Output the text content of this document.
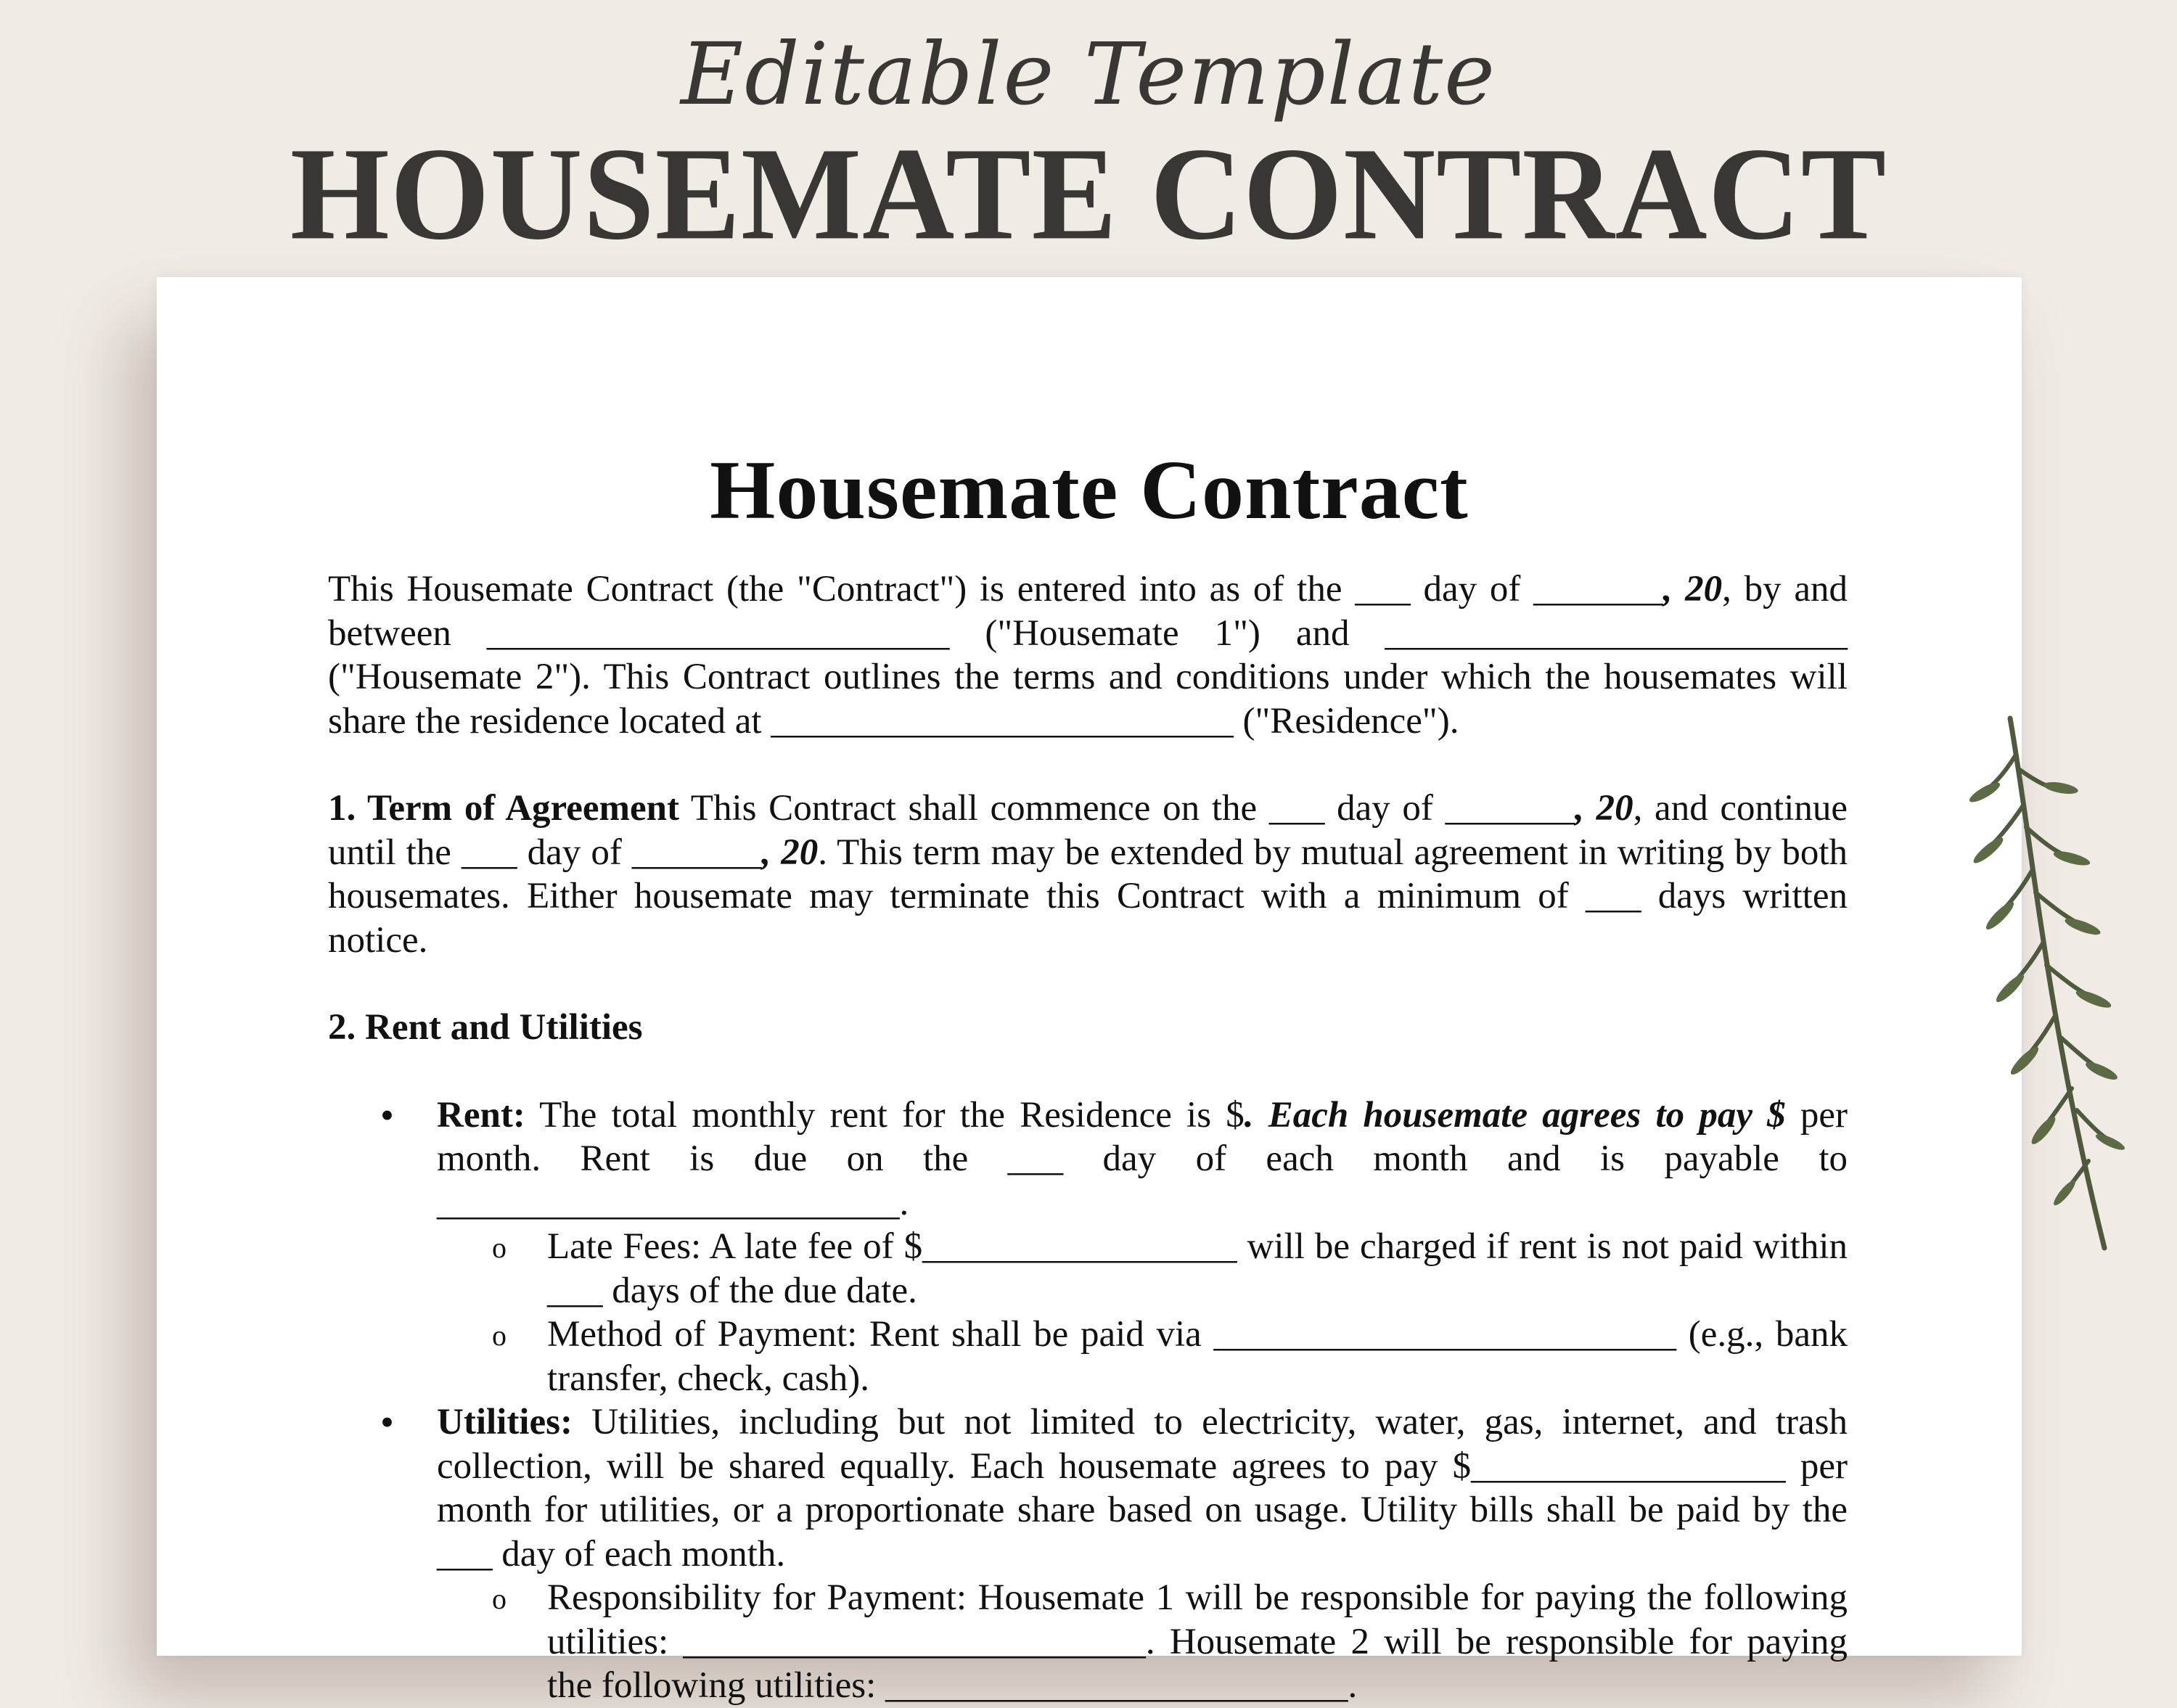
Editable Template
HOUSEMATE CONTRACT
Housemate Contract

This Housemate Contract (the "Contract") is entered into as of the ___ day of _______, 20, by and between _________________________ ("Housemate 1") and _________________________ ("Housemate 2"). This Contract outlines the terms and conditions under which the housemates will share the residence located at _________________________ ("Residence").

1. Term of Agreement This Contract shall commence on the ___ day of _______, 20, and continue until the ___ day of _______, 20. This term may be extended by mutual agreement in writing by both housemates. Either housemate may terminate this Contract with a minimum of ___ days written notice.

2. Rent and Utilities

• Rent: The total monthly rent for the Residence is $. Each housemate agrees to pay $ per month. Rent is due on the ___ day of each month and is payable to _________________________.
o Late Fees: A late fee of $_________________ will be charged if rent is not paid within ___ days of the due date.
o Method of Payment: Rent shall be paid via _________________________ (e.g., bank transfer, check, cash).
• Utilities: Utilities, including but not limited to electricity, water, gas, internet, and trash collection, will be shared equally. Each housemate agrees to pay $_________________ per month for utilities, or a proportionate share based on usage. Utility bills shall be paid by the ___ day of each month.
o Responsibility for Payment: Housemate 1 will be responsible for paying the following utilities: _________________________. Housemate 2 will be responsible for paying the following utilities: _________________________.
